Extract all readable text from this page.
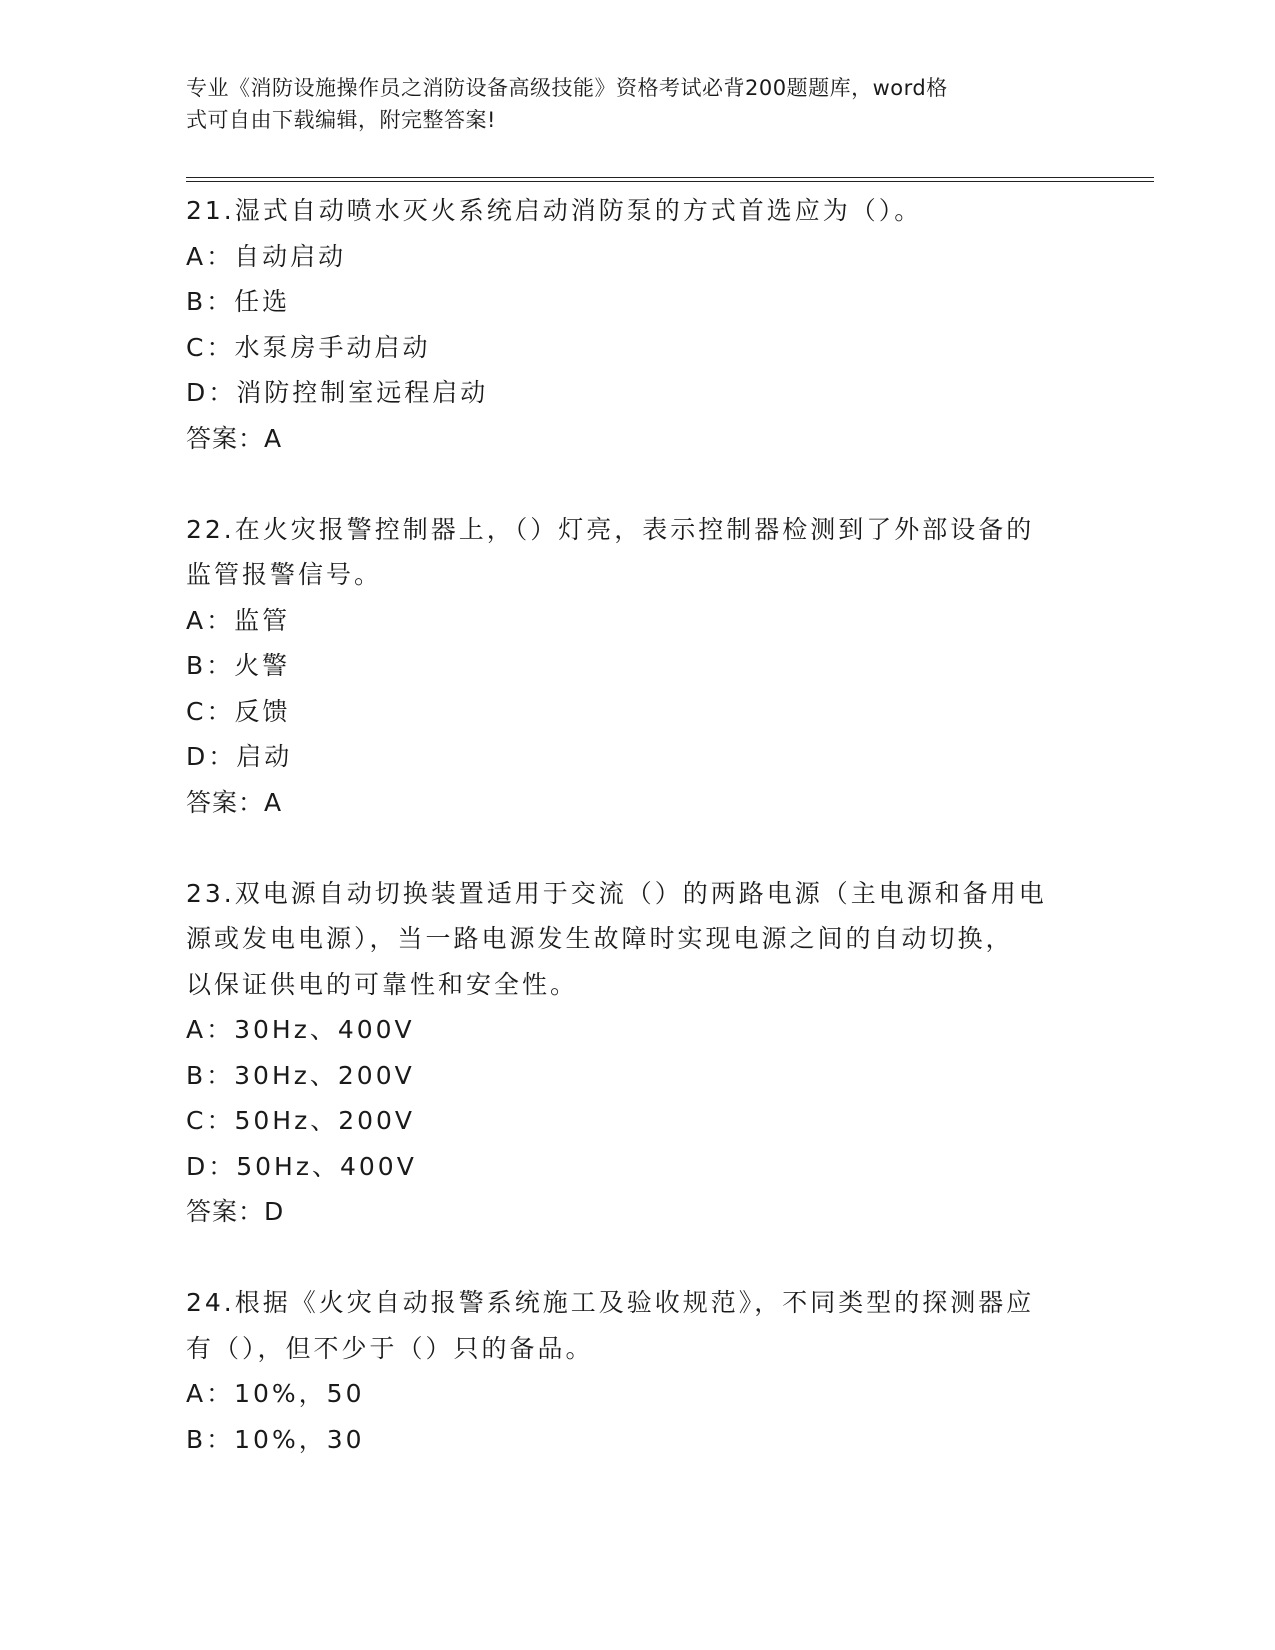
专业《消防设施操作员之消防设备高级技能》资格考试必背200题题库，word格
式可自由下载编辑，附完整答案!
21.湿式自动喷水灭火系统启动消防泵的方式首选应为（）。
A：自动启动
B：任选
C：水泵房手动启动
D：消防控制室远程启动
答案：A
22.在火灾报警控制器上，（）灯亮，表示控制器检测到了外部设备的
监管报警信号。
A：监管
B：火警
C：反馈
D：启动
答案：A
23.双电源自动切换装置适用于交流（）的两路电源（主电源和备用电
源或发电电源），当一路电源发生故障时实现电源之间的自动切换，
以保证供电的可靠性和安全性。
A：30Hz、400V
B：30Hz、200V
C：50Hz、200V
D：50Hz、400V
答案：D
24.根据《火灾自动报警系统施工及验收规范》，不同类型的探测器应
有（），但不少于（）只的备品。
A：10%，50
B：10%，30
